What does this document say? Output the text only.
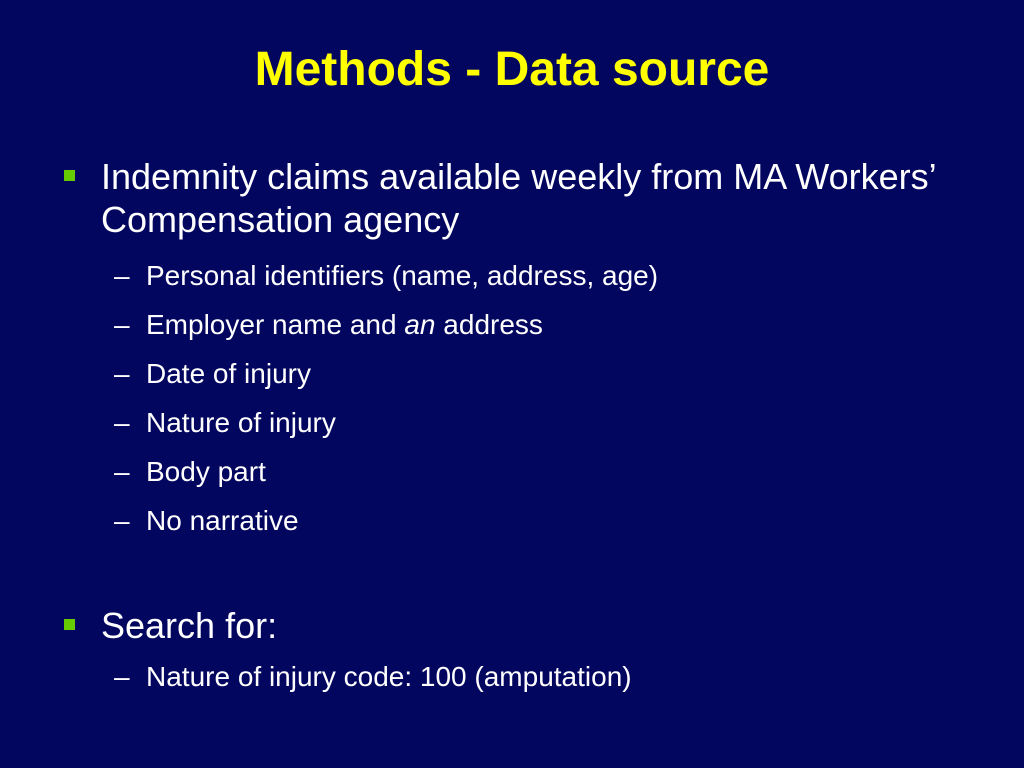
Methods - Data source
Indemnity claims available weekly from MA Workers’ Compensation agency
– Personal identifiers (name, address, age)
– Employer name and an address
– Date of injury
– Nature of injury
– Body part
– No narrative
Search for:
– Nature of injury code: 100 (amputation)
